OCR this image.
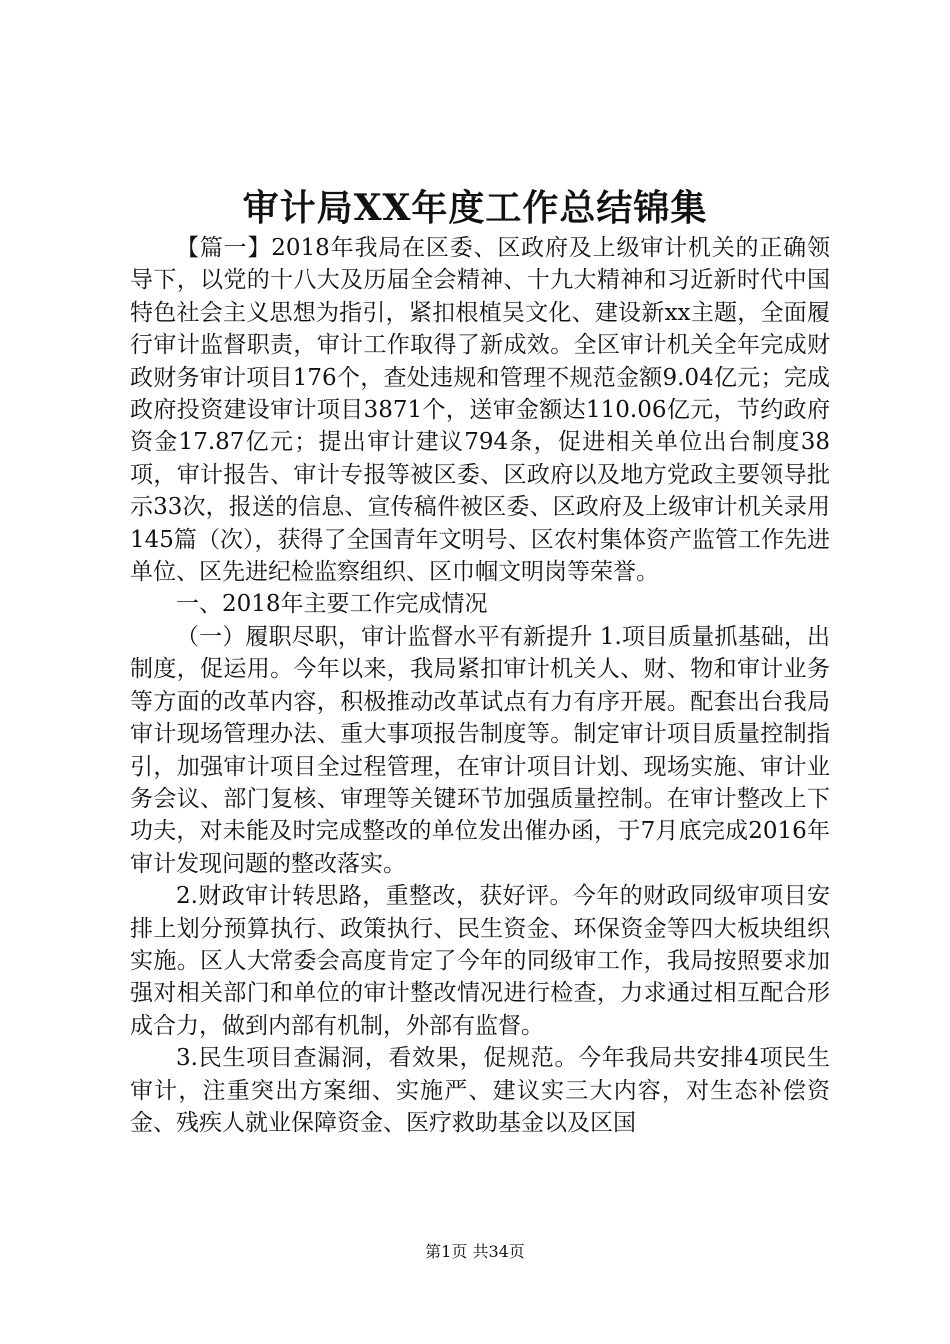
审计局XX年度工作总结锦集

【篇一】2018年我局在区委、区政府及上级审计机关的正确领导下，以党的十八大及历届全会精神、十九大精神和习近新时代中国特色社会主义思想为指引，紧扣根植吴文化、建设新xx主题，全面履行审计监督职责，审计工作取得了新成效。全区审计机关全年完成财政财务审计项目176个，查处违规和管理不规范金额9.04亿元；完成政府投资建设审计项目3871个，送审金额达110.06亿元，节约政府资金17.87亿元；提出审计建议794条，促进相关单位出台制度38项，审计报告、审计专报等被区委、区政府以及地方党政主要领导批示33次，报送的信息、宣传稿件被区委、区政府及上级审计机关录用145篇（次），获得了全国青年文明号、区农村集体资产监管工作先进单位、区先进纪检监察组织、区巾帼文明岗等荣誉。

一、2018年主要工作完成情况

（一）履职尽职，审计监督水平有新提升 1.项目质量抓基础，出制度，促运用。今年以来，我局紧扣审计机关人、财、物和审计业务等方面的改革内容，积极推动改革试点有力有序开展。配套出台我局审计现场管理办法、重大事项报告制度等。制定审计项目质量控制指引，加强审计项目全过程管理，在审计项目计划、现场实施、审计业务会议、部门复核、审理等关键环节加强质量控制。在审计整改上下功夫，对未能及时完成整改的单位发出催办函，于7月底完成2016年审计发现问题的整改落实。

2.财政审计转思路，重整改，获好评。今年的财政同级审项目安排上划分预算执行、政策执行、民生资金、环保资金等四大板块组织实施。区人大常委会高度肯定了今年的同级审工作，我局按照要求加强对相关部门和单位的审计整改情况进行检查，力求通过相互配合形成合力，做到内部有机制，外部有监督。

3.民生项目查漏洞，看效果，促规范。今年我局共安排4项民生审计，注重突出方案细、实施严、建议实三大内容，对生态补偿资金、残疾人就业保障资金、医疗救助基金以及区国

第1页 共34页
